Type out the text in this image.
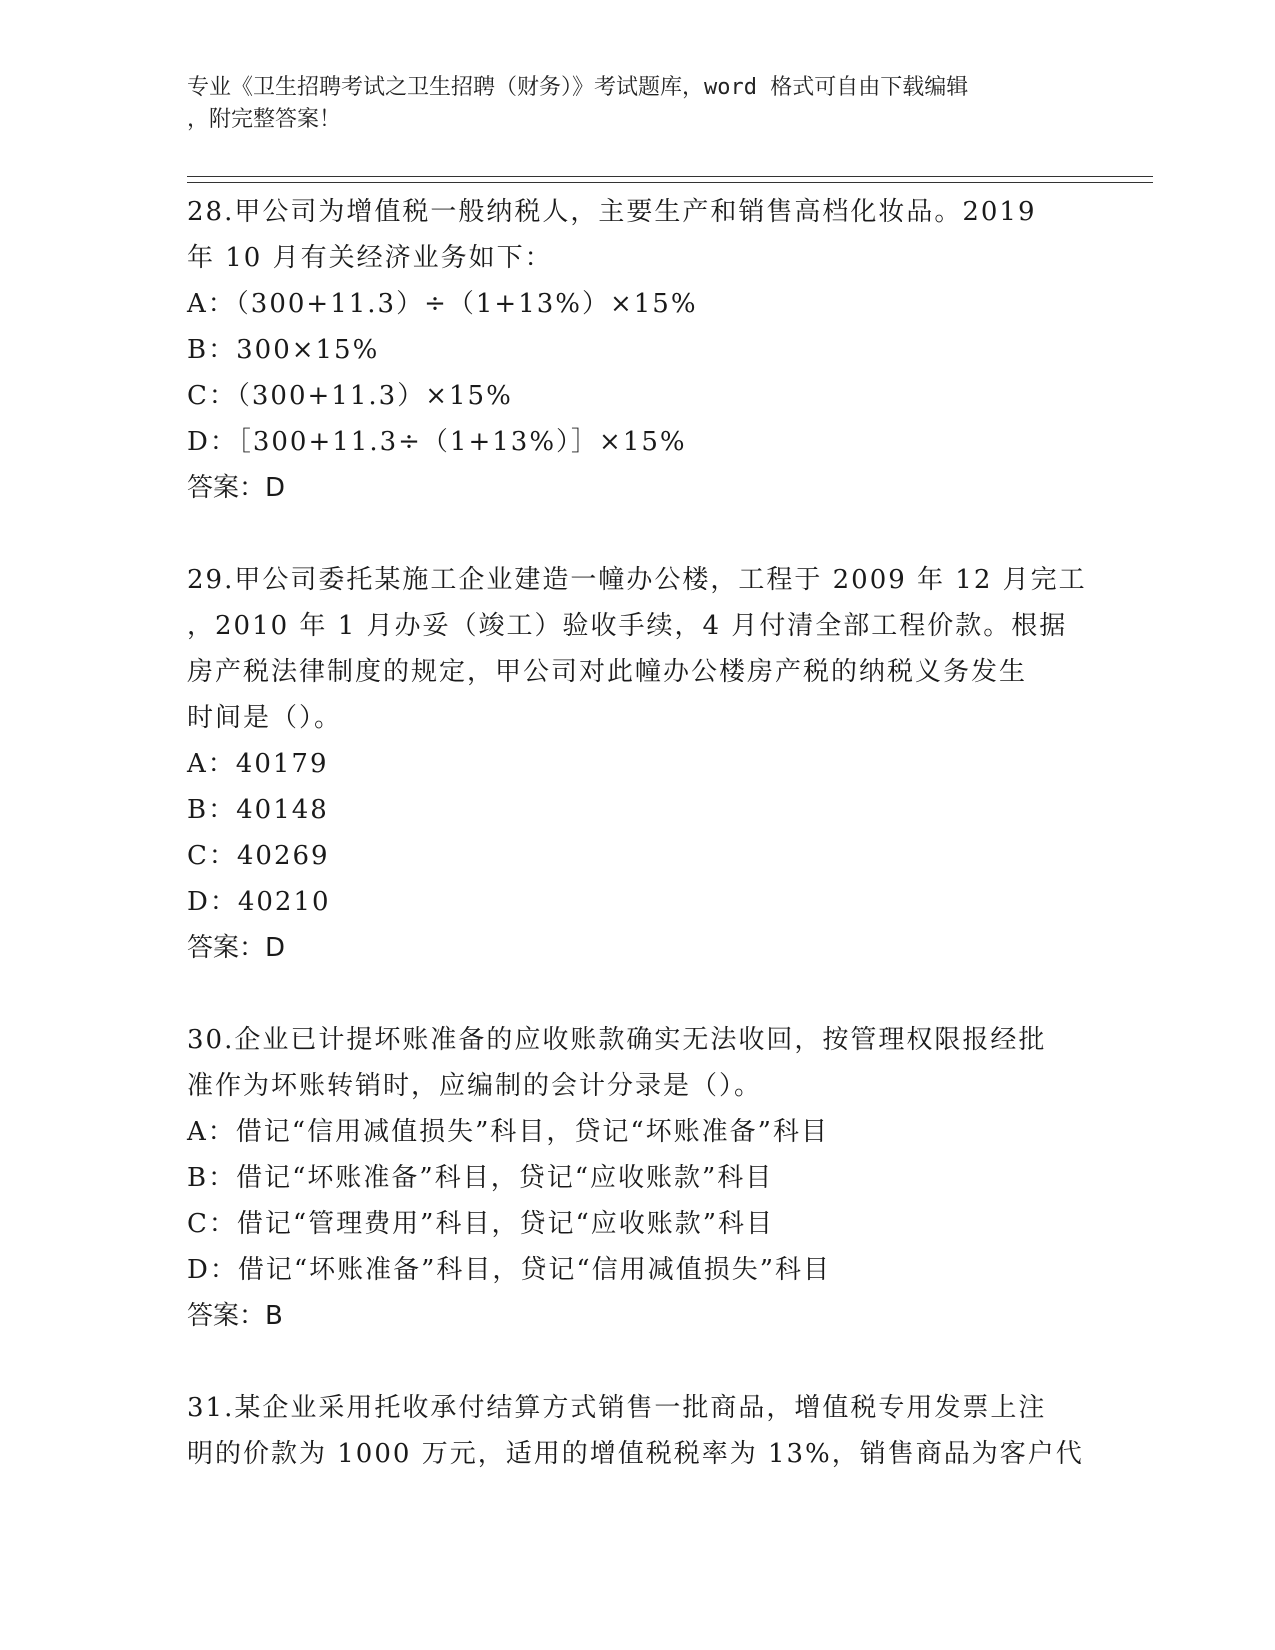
专业《卫生招聘考试之卫生招聘（财务）》考试题库，word 格式可自由下载编辑

，附完整答案！

28.甲公司为增值税一般纳税人，主要生产和销售高档化妆品。2019
年 10 月有关经济业务如下：
A：（300+11.3）÷（1+13%）×15%
B：300×15%
C：（300+11.3）×15%
D：［300+11.3÷（1+13%）］×15%
答案：D
29.甲公司委托某施工企业建造一幢办公楼，工程于 2009 年 12 月完工
，2010 年 1 月办妥（竣工）验收手续，4 月付清全部工程价款。根据
房产税法律制度的规定，甲公司对此幢办公楼房产税的纳税义务发生
时间是（）。
A：40179
B：40148
C：40269
D：40210
答案：D
30.企业已计提坏账准备的应收账款确实无法收回，按管理权限报经批
准作为坏账转销时，应编制的会计分录是（）。
A：借记“信用减值损失”科目，贷记“坏账准备”科目
B：借记“坏账准备”科目，贷记“应收账款”科目
C：借记“管理费用”科目，贷记“应收账款”科目
D：借记“坏账准备”科目，贷记“信用减值损失”科目
答案：B
31.某企业采用托收承付结算方式销售一批商品，增值税专用发票上注
明的价款为 1000 万元，适用的增值税税率为 13%，销售商品为客户代
